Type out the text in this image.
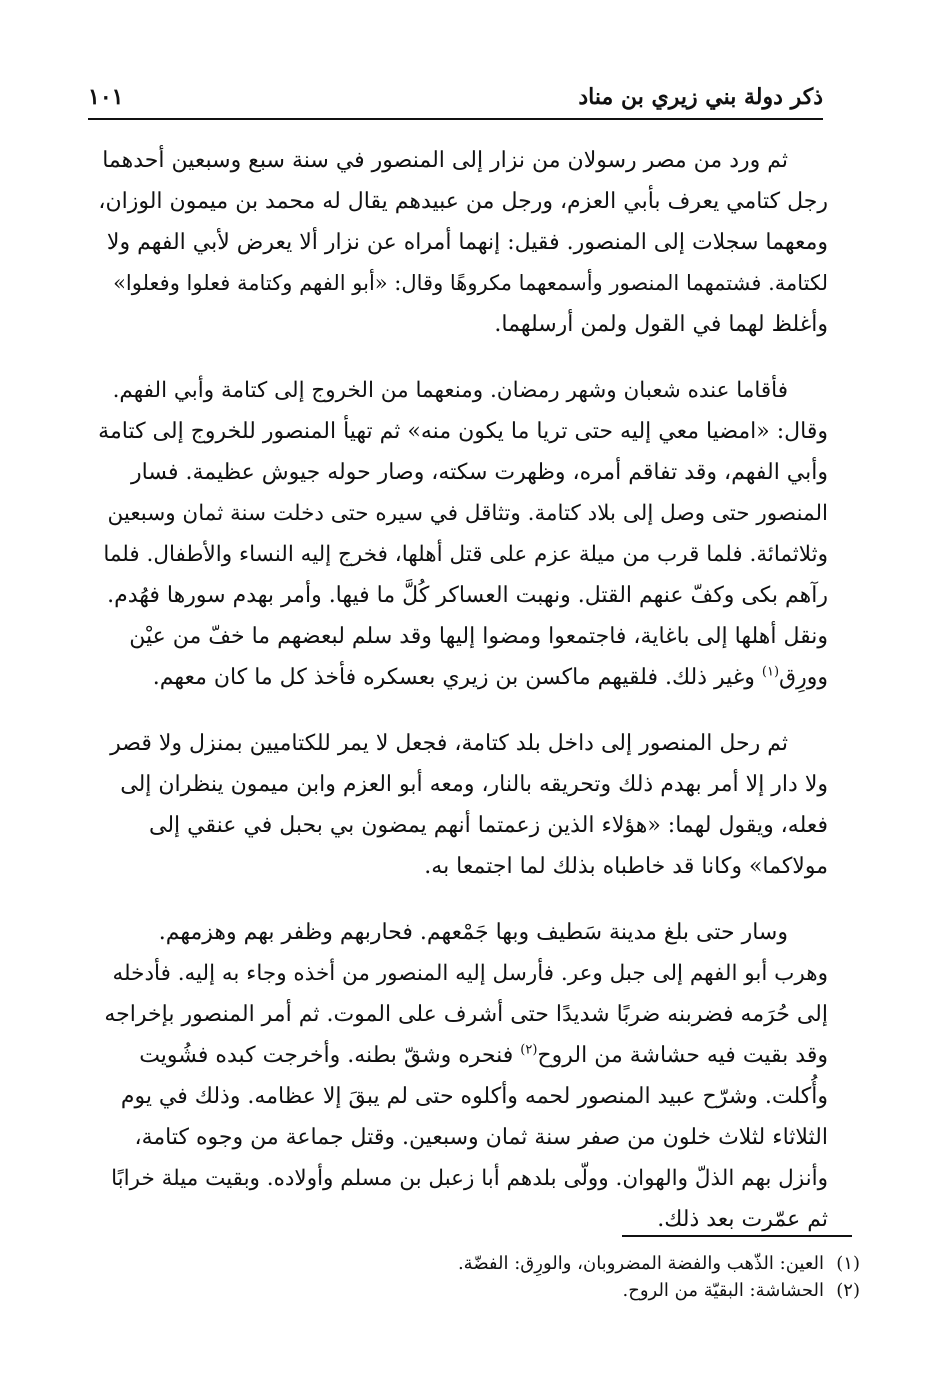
ذكر دولة بني زيري بن مناد
١٠١

ثم ورد من مصر رسولان من نزار إلى المنصور في سنة سبع وسبعين أحدهما
رجل كتامي يعرف بأبي العزم، ورجل من عبيدهم يقال له محمد بن ميمون الوزان،
ومعهما سجلات إلى المنصور. فقيل: إنهما أمراه عن نزار ألا يعرض لأبي الفهم ولا
لكتامة. فشتمهما المنصور وأسمعهما مكروهًا وقال: «أبو الفهم وكتامة فعلوا وفعلوا»
وأغلظ لهما في القول ولمن أرسلهما.

فأقاما عنده شعبان وشهر رمضان. ومنعهما من الخروج إلى كتامة وأبي الفهم.
وقال: «امضيا معي إليه حتى تريا ما يكون منه» ثم تهيأ المنصور للخروج إلى كتامة
وأبي الفهم، وقد تفاقم أمره، وظهرت سكته، وصار حوله جيوش عظيمة. فسار
المنصور حتى وصل إلى بلاد كتامة. وتثاقل في سيره حتى دخلت سنة ثمان وسبعين
وثلاثمائة. فلما قرب من ميلة عزم على قتل أهلها، فخرج إليه النساء والأطفال. فلما
رآهم بكى وكفّ عنهم القتل. ونهبت العساكر كُلَّ ما فيها. وأمر بهدم سورها فهُدم.
ونقل أهلها إلى باغاية، فاجتمعوا ومضوا إليها وقد سلم لبعضهم ما خفّ من عيْن
وورِق$^{(١)}$ وغير ذلك. فلقيهم ماكسن بن زيري بعسكره فأخذ كل ما كان معهم.

ثم رحل المنصور إلى داخل بلد كتامة، فجعل لا يمر للكتاميين بمنزل ولا قصر
ولا دار إلا أمر بهدم ذلك وتحريقه بالنار، ومعه أبو العزم وابن ميمون ينظران إلى
فعله، ويقول لهما: «هؤلاء الذين زعمتما أنهم يمضون بي بحبل في عنقي إلى
مولاكما» وكانا قد خاطباه بذلك لما اجتمعا به.

وسار حتى بلغ مدينة سَطيف وبها جَمْعهم. فحاربهم وظفر بهم وهزمهم.
وهرب أبو الفهم إلى جبل وعر. فأرسل إليه المنصور من أخذه وجاء به إليه. فأدخله
إلى حُرَمه فضربنه ضربًا شديدًا حتى أشرف على الموت. ثم أمر المنصور بإخراجه
وقد بقيت فيه حشاشة من الروح$^{(٢)}$ فنحره وشقّ بطنه. وأخرجت كبده فشُويت
وأُكلت. وشرّح عبيد المنصور لحمه وأكلوه حتى لم يبقَ إلا عظامه. وذلك في يوم
الثلاثاء لثلاث خلون من صفر سنة ثمان وسبعين. وقتل جماعة من وجوه كتامة،
وأنزل بهم الذلّ والهوان. وولّى بلدهم أبا زعبل بن مسلم وأولاده. وبقيت ميلة خرابًا
ثم عمّرت بعد ذلك.

(١)
العين: الذّهب والفضة المضروبان، والورِق: الفضّة.
(٢)
الحشاشة: البقيّة من الروح.
